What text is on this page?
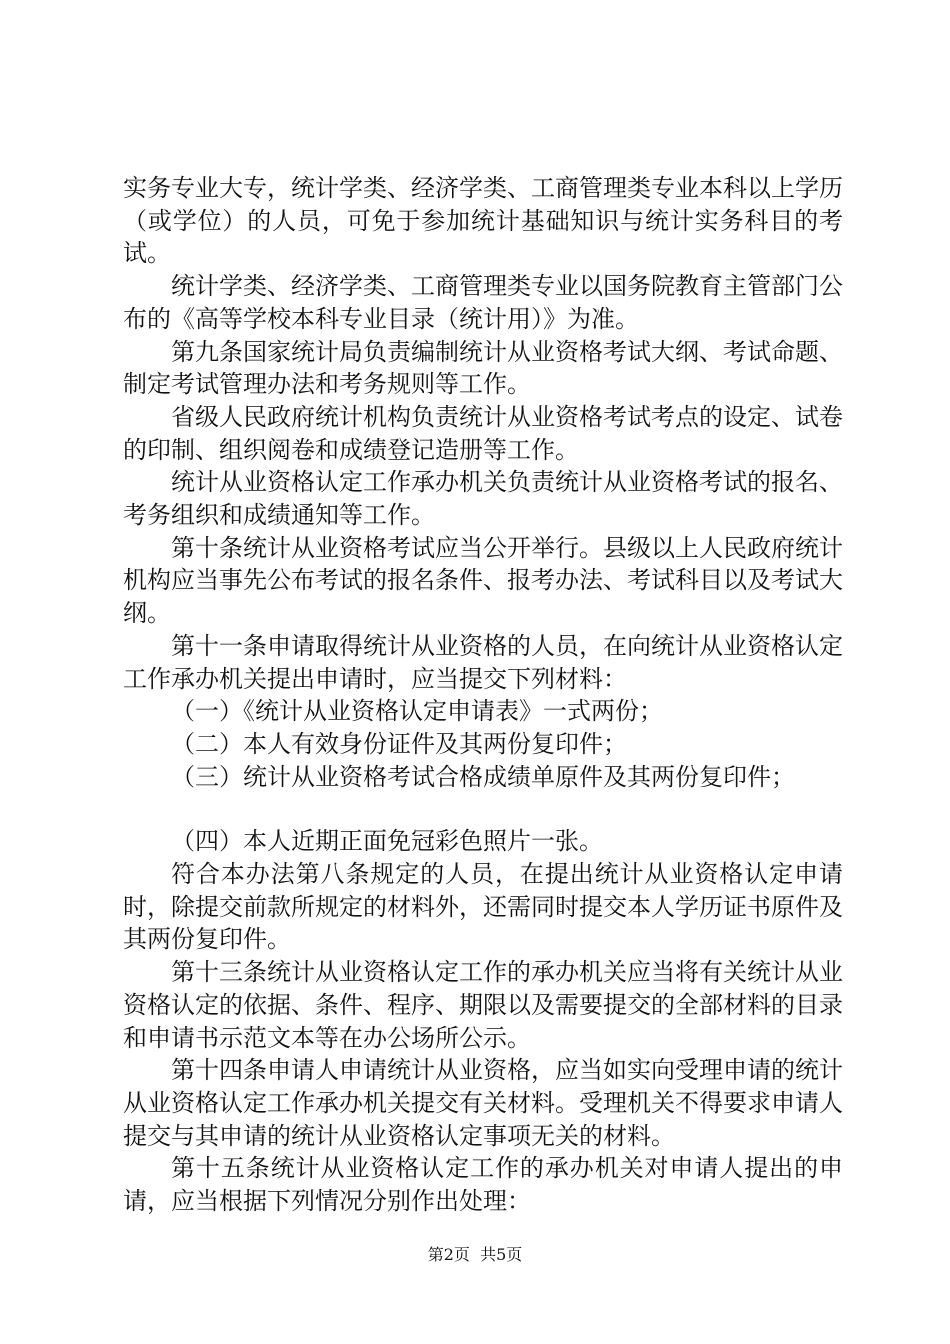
实务专业大专，统计学类、经济学类、工商管理类专业本科以上学历（或学位）的人员，可免于参加统计基础知识与统计实务科目的考试。

统计学类、经济学类、工商管理类专业以国务院教育主管部门公布的《高等学校本科专业目录（统计用）》为准。

第九条国家统计局负责编制统计从业资格考试大纲、考试命题、制定考试管理办法和考务规则等工作。

省级人民政府统计机构负责统计从业资格考试考点的设定、试卷的印制、组织阅卷和成绩登记造册等工作。

统计从业资格认定工作承办机关负责统计从业资格考试的报名、考务组织和成绩通知等工作。

第十条统计从业资格考试应当公开举行。县级以上人民政府统计机构应当事先公布考试的报名条件、报考办法、考试科目以及考试大纲。

第十一条申请取得统计从业资格的人员，在向统计从业资格认定工作承办机关提出申请时，应当提交下列材料：

（一）《统计从业资格认定申请表》一式两份；

（二）本人有效身份证件及其两份复印件；

（三）统计从业资格考试合格成绩单原件及其两份复印件；

（四）本人近期正面免冠彩色照片一张。

符合本办法第八条规定的人员，在提出统计从业资格认定申请时，除提交前款所规定的材料外，还需同时提交本人学历证书原件及其两份复印件。

第十三条统计从业资格认定工作的承办机关应当将有关统计从业资格认定的依据、条件、程序、期限以及需要提交的全部材料的目录和申请书示范文本等在办公场所公示。

第十四条申请人申请统计从业资格，应当如实向受理申请的统计从业资格认定工作承办机关提交有关材料。受理机关不得要求申请人提交与其申请的统计从业资格认定事项无关的材料。

第十五条统计从业资格认定工作的承办机关对申请人提出的申请，应当根据下列情况分别作出处理：

第2页 共5页
